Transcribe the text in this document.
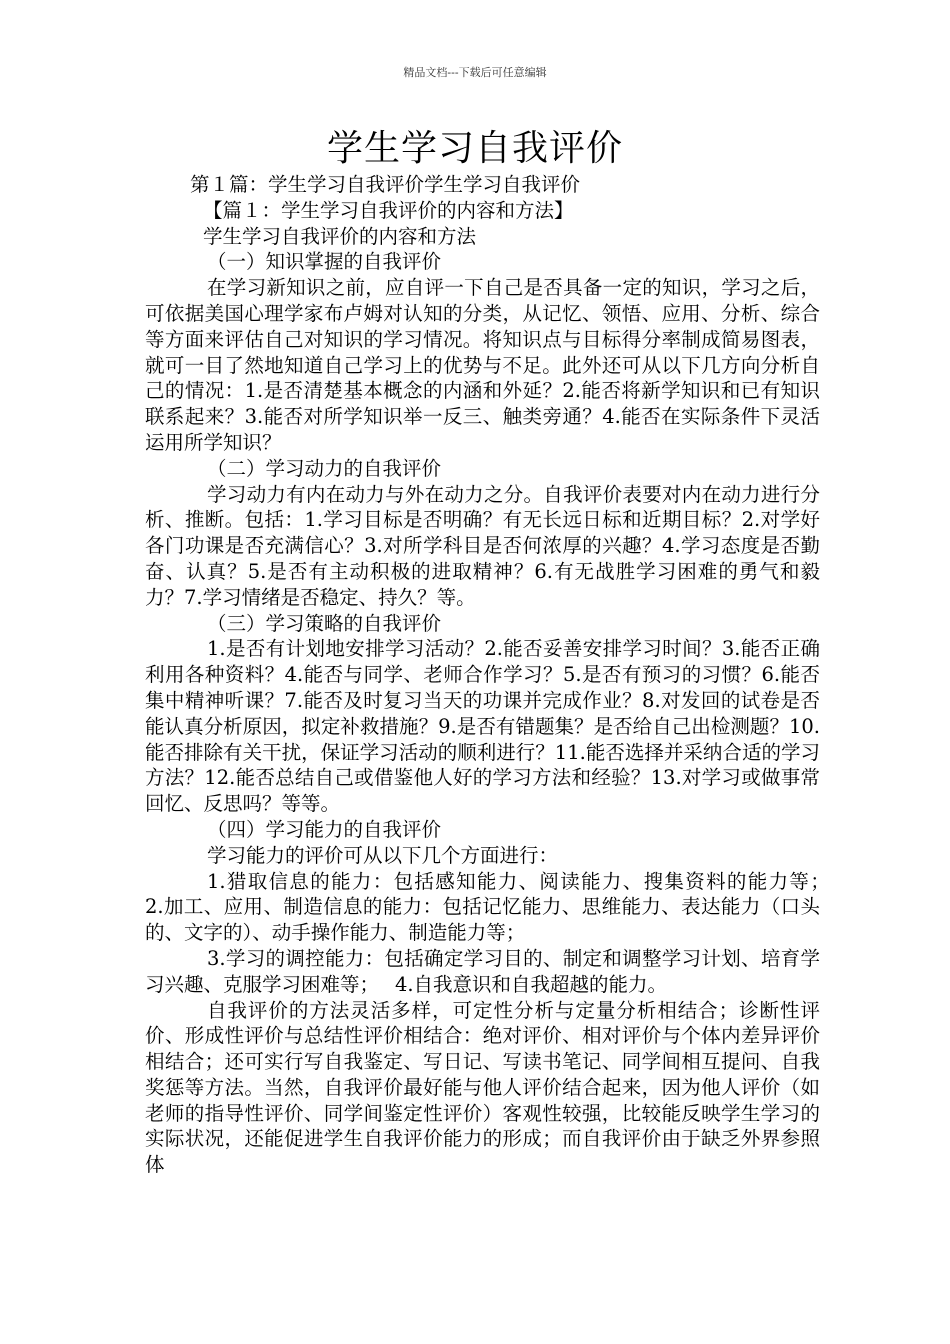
精品文档---下载后可任意编辑
学生学习自我评价

第１篇：学生学习自我评价学生学习自我评价

【篇１：学生学习自我评价的内容和方法】

学生学习自我评价的内容和方法

（一）知识掌握的自我评价

在学习新知识之前，应自评一下自己是否具备一定的知识，学习之后，可依据美国心理学家布卢姆对认知的分类，从记忆、领悟、应用、分析、综合等方面来评估自己对知识的学习情况。将知识点与目标得分率制成简易图表，就可一目了然地知道自己学习上的优势与不足。此外还可从以下几方向分析自己的情况：1.是否清楚基本概念的内涵和外延？2.能否将新学知识和已有知识联系起来？3.能否对所学知识举一反三、触类旁通？4.能否在实际条件下灵活运用所学知识？

（二）学习动力的自我评价

学习动力有内在动力与外在动力之分。自我评价表要对内在动力进行分析、推断。包括：1.学习目标是否明确？有无长远日标和近期目标？2.对学好各门功课是否充满信心？3.对所学科目是否何浓厚的兴趣？4.学习态度是否勤奋、认真？5.是否有主动积极的进取精神？6.有无战胜学习困难的勇气和毅力？7.学习情绪是否稳定、持久？等。

（三）学习策略的自我评价

1.是否有计划地安排学习活动？2.能否妥善安排学习时间？3.能否正确利用各种资料？4.能否与同学、老师合作学习？5.是否有预习的习惯？6.能否集中精神听课？7.能否及时复习当天的功课并完成作业？8.对发回的试卷是否能认真分析原因，拟定补救措施？9.是否有错题集？是否给自己出检测题？10.能否排除有关干扰，保证学习活动的顺利进行？11.能否选择并采纳合适的学习方法？12.能否总结自己或借鉴他人好的学习方法和经验？13.对学习或做事常回忆、反思吗？等等。

（四）学习能力的自我评价

学习能力的评价可从以下几个方面进行：

1.猎取信息的能力：包括感知能力、阅读能力、搜集资料的能力等；　 2.加工、应用、制造信息的能力：包括记忆能力、思维能力、表达能力（口头的、文字的）、动手操作能力、制造能力等；

3.学习的调控能力：包括确定学习目的、制定和调整学习计划、培育学习兴趣、克服学习困难等；　 4.自我意识和自我超越的能力。

自我评价的方法灵活多样，可定性分析与定量分析相结合；诊断性评价、形成性评价与总结性评价相结合：绝对评价、相对评价与个体内差异评价相结合；还可实行写自我鉴定、写日记、写读书笔记、同学间相互提问、自我奖惩等方法。当然，自我评价最好能与他人评价结合起来，因为他人评价（如老师的指导性评价、同学间鉴定性评价）客观性较强，比较能反映学生学习的实际状况，还能促进学生自我评价能力的形成；而自我评价由于缺乏外界参照体
